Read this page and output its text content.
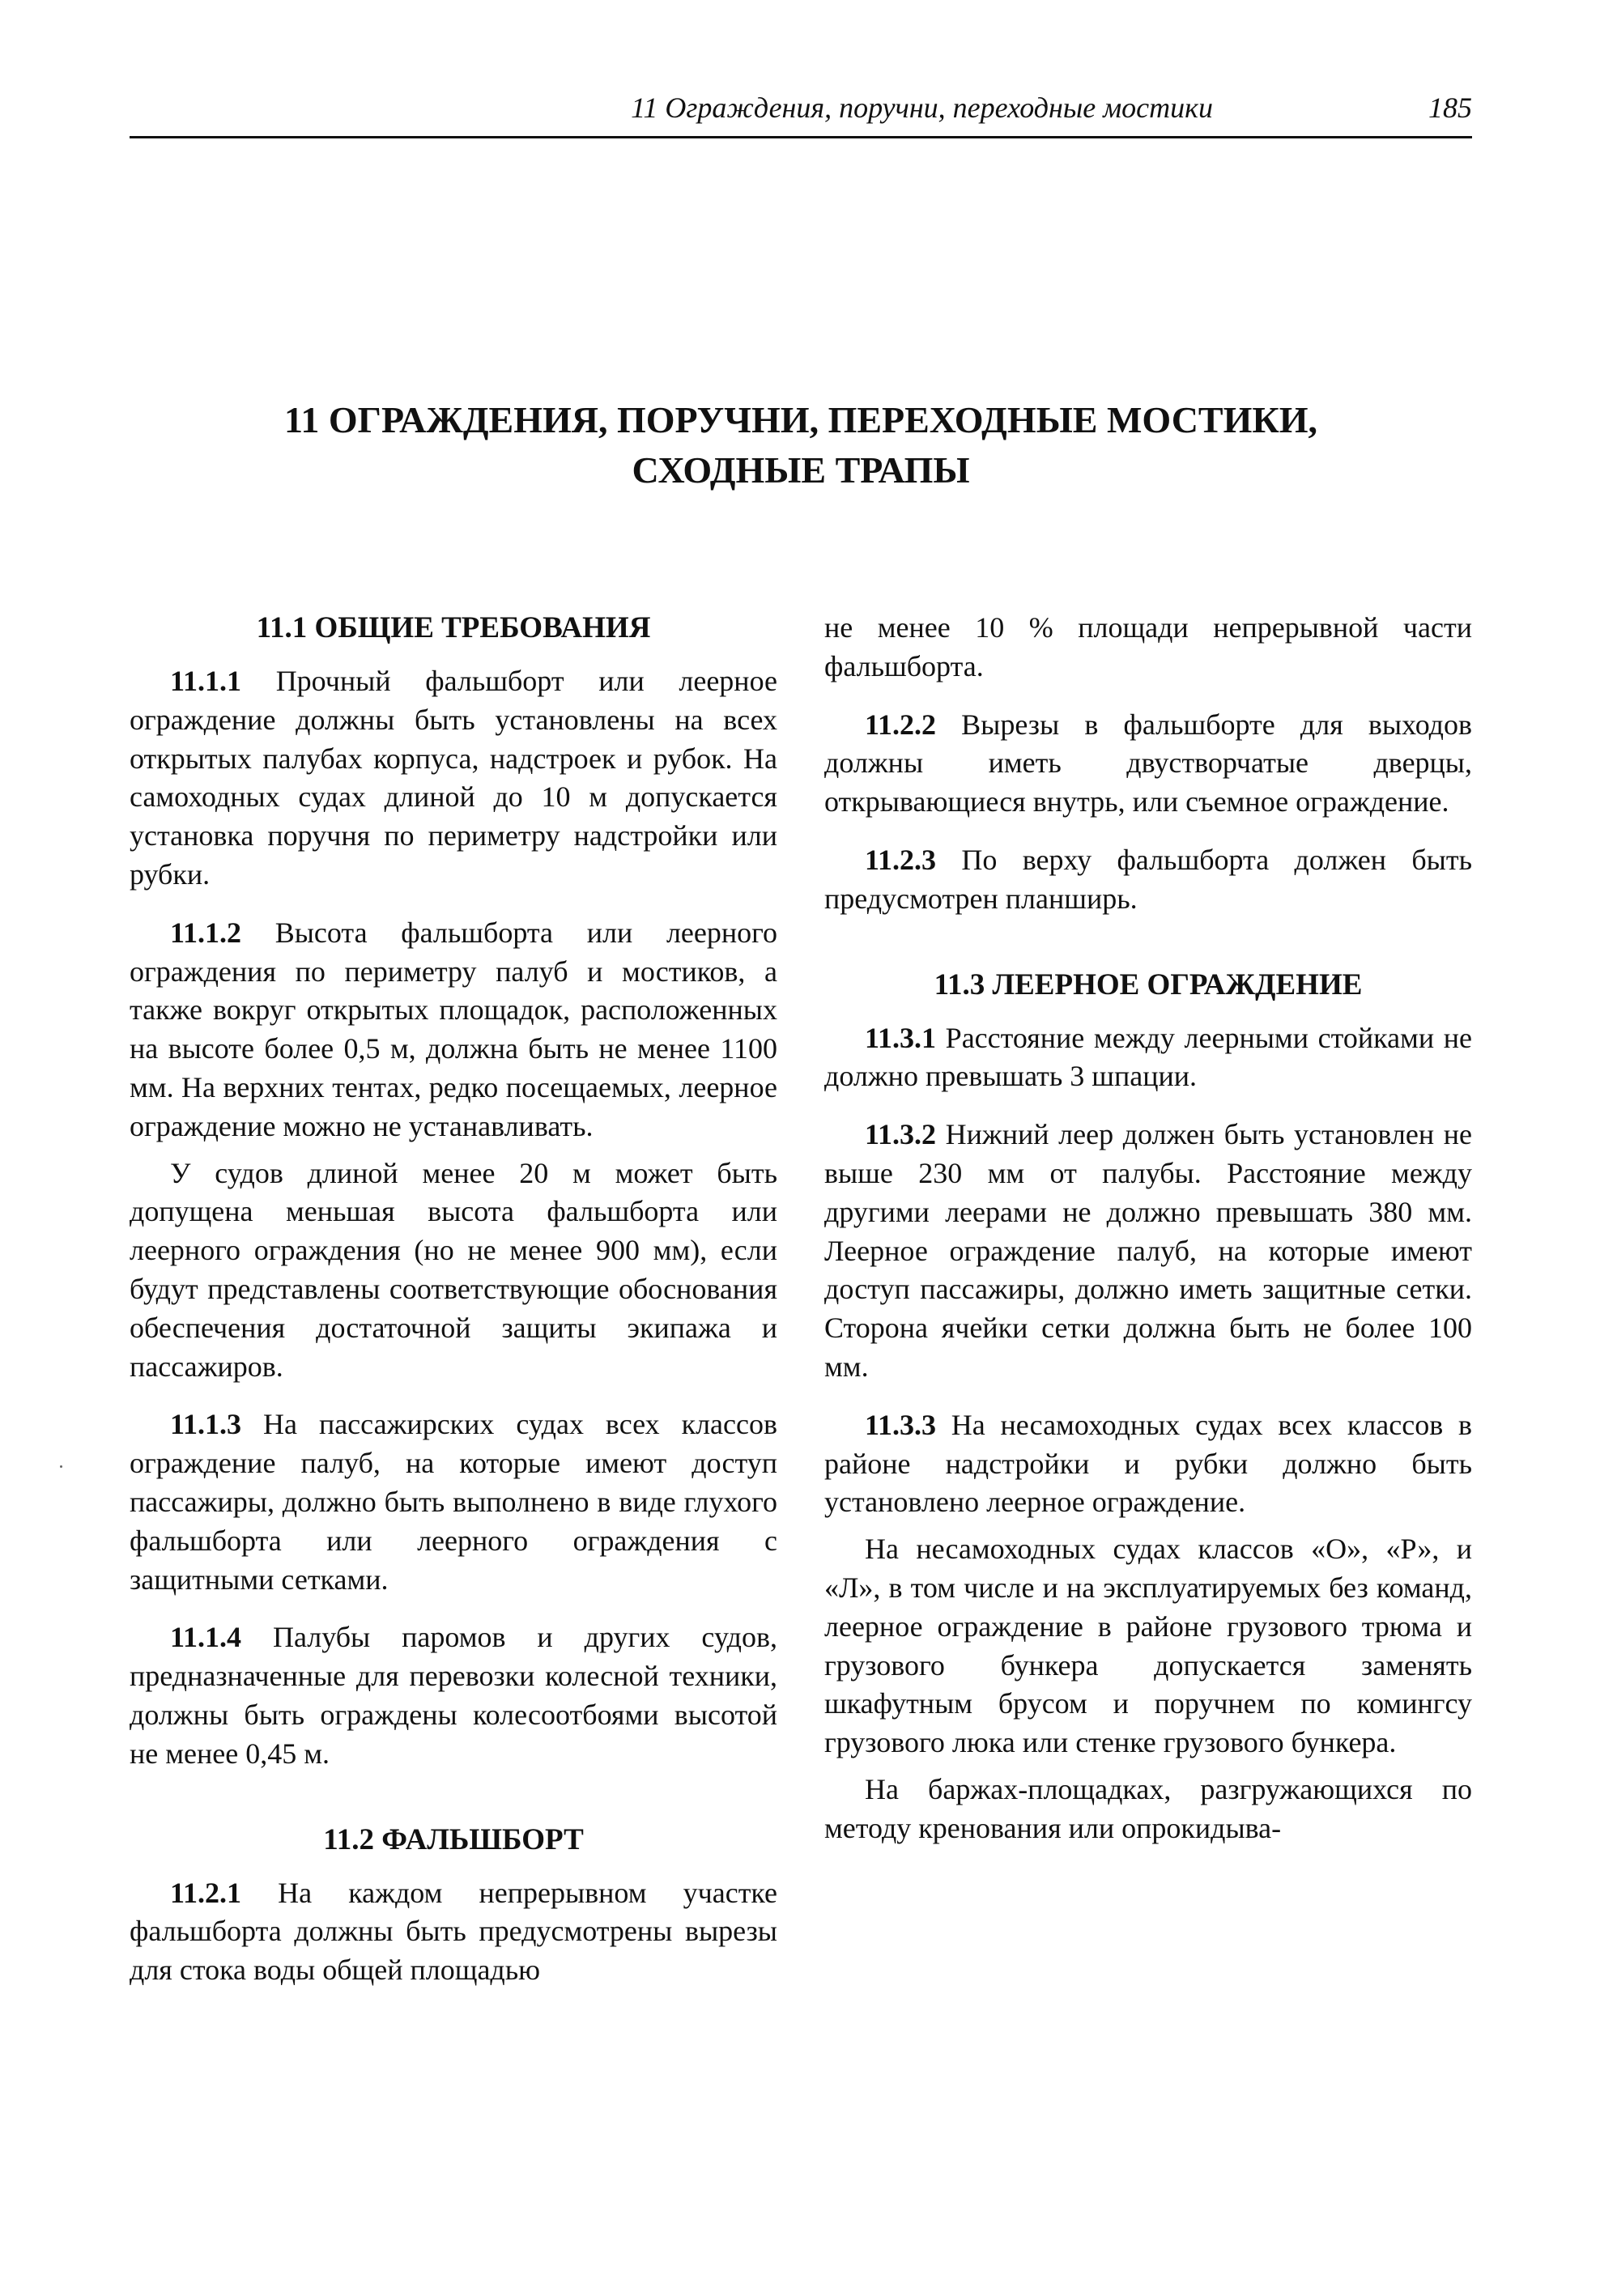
11 Ограждения, поручни, переходные мостики	185
11 ОГРАЖДЕНИЯ, ПОРУЧНИ, ПЕРЕХОДНЫЕ МОСТИКИ,
СХОДНЫЕ ТРАПЫ
11.1 ОБЩИЕ ТРЕБОВАНИЯ

11.1.1 Прочный фальшборт или леерное ограждение должны быть установлены на всех открытых палубах корпуса, надстроек и рубок. На самоходных судах длиной до 10 м допускается установка поручня по периметру надстройки или рубки.

11.1.2 Высота фальшборта или леерного ограждения по периметру палуб и мостиков, а также вокруг открытых площадок, расположенных на высоте более 0,5 м, должна быть не менее 1100 мм. На верхних тентах, редко посещаемых, леерное ограждение можно не устанавливать.

У судов длиной менее 20 м может быть допущена меньшая высота фальшборта или леерного ограждения (но не менее 900 мм), если будут представлены соответствующие обоснования обеспечения достаточной защиты экипажа и пассажиров.

11.1.3 На пассажирских судах всех классов ограждение палуб, на которые имеют доступ пассажиры, должно быть выполнено в виде глухого фальшборта или леерного ограждения с защитными сетками.

11.1.4 Палубы паромов и других судов, предназначенные для перевозки колесной техники, должны быть ограждены колесоотбоями высотой не менее 0,45 м.

11.2 ФАЛЬШБОРТ

11.2.1 На каждом непрерывном участке фальшборта должны быть предусмотрены вырезы для стока воды общей площадью

не менее 10 % площади непрерывной части фальшборта.

11.2.2 Вырезы в фальшборте для выходов должны иметь двустворчатые дверцы, открывающиеся внутрь, или съемное ограждение.

11.2.3 По верху фальшборта должен быть предусмотрен планширь.

11.3 ЛЕЕРНОЕ ОГРАЖДЕНИЕ

11.3.1 Расстояние между леерными стойками не должно превышать 3 шпации.

11.3.2 Нижний леер должен быть установлен не выше 230 мм от палубы. Расстояние между другими леерами не должно превышать 380 мм. Леерное ограждение палуб, на которые имеют доступ пассажиры, должно иметь защитные сетки. Сторона ячейки сетки должна быть не более 100 мм.

11.3.3 На несамоходных судах всех классов в районе надстройки и рубки должно быть установлено леерное ограждение.

На несамоходных судах классов «О», «Р», и «Л», в том числе и на эксплуатируемых без команд, леерное ограждение в районе грузового трюма и грузового бункера допускается заменять шкафутным брусом и поручнем по комингсу грузового люка или стенке грузового бункера.

На баржах-площадках, разгружающихся по методу кренования или опрокидыва-
